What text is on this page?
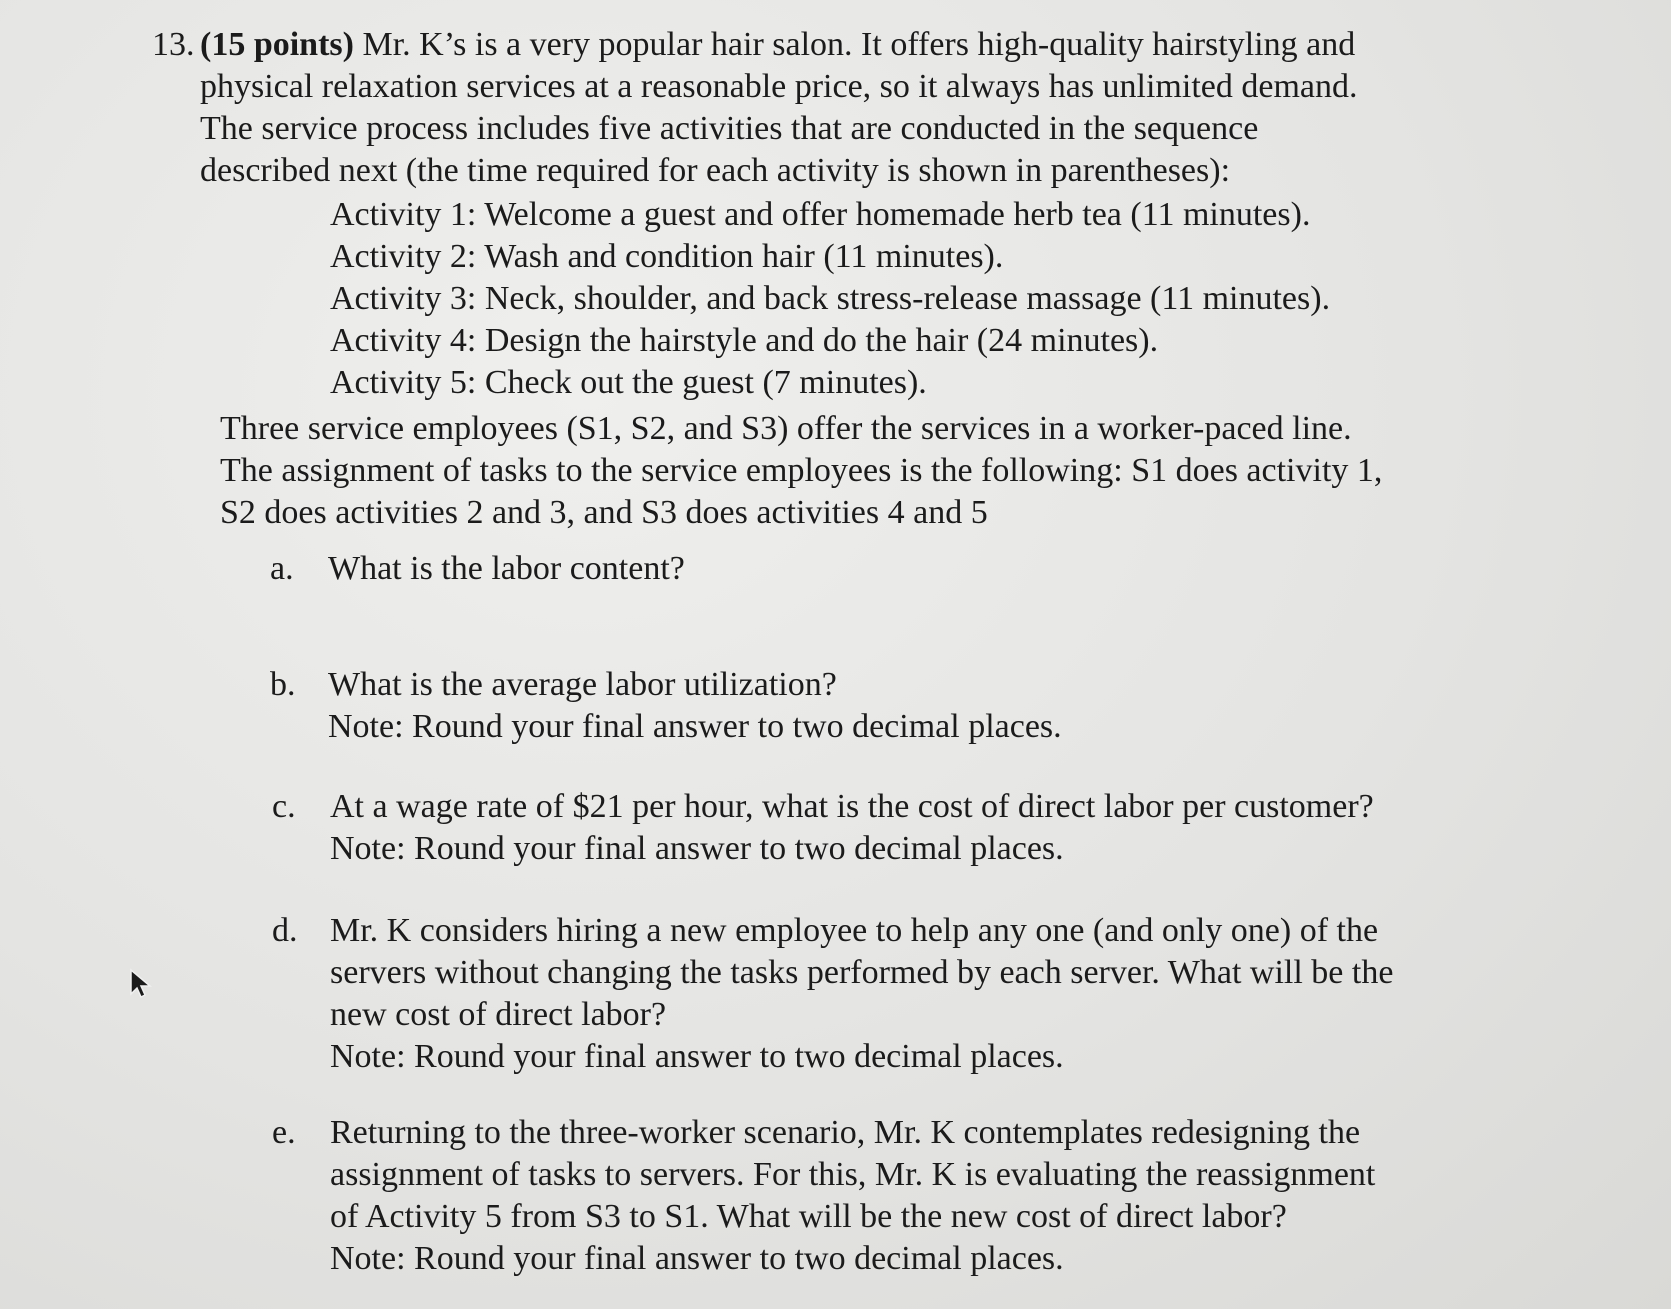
13. (15 points) Mr. K’s is a very popular hair salon. It offers high-quality hairstyling and
physical relaxation services at a reasonable price, so it always has unlimited demand.
The service process includes five activities that are conducted in the sequence
described next (the time required for each activity is shown in parentheses):
Activity 1: Welcome a guest and offer homemade herb tea (11 minutes).
Activity 2: Wash and condition hair (11 minutes).
Activity 3: Neck, shoulder, and back stress-release massage (11 minutes).
Activity 4: Design the hairstyle and do the hair (24 minutes).
Activity 5: Check out the guest (7 minutes).
Three service employees (S1, S2, and S3) offer the services in a worker-paced line.
The assignment of tasks to the service employees is the following: S1 does activity 1,
S2 does activities 2 and 3, and S3 does activities 4 and 5
a.	What is the labor content?
b. What is the average labor utilization?
Note: Round your final answer to two decimal places.
c.	At a wage rate of $21 per hour, what is the cost of direct labor per customer?
Note: Round your final answer to two decimal places.
d. Mr. K considers hiring a new employee to help any one (and only one) of the
servers without changing the tasks performed by each server. What will be the
new cost of direct labor?
Note: Round your final answer to two decimal places.
e.	Returning to the three-worker scenario, Mr. K contemplates redesigning the
assignment of tasks to servers. For this, Mr. K is evaluating the reassignment
of Activity 5 from S3 to S1. What will be the new cost of direct labor?
Note: Round your final answer to two decimal places.
